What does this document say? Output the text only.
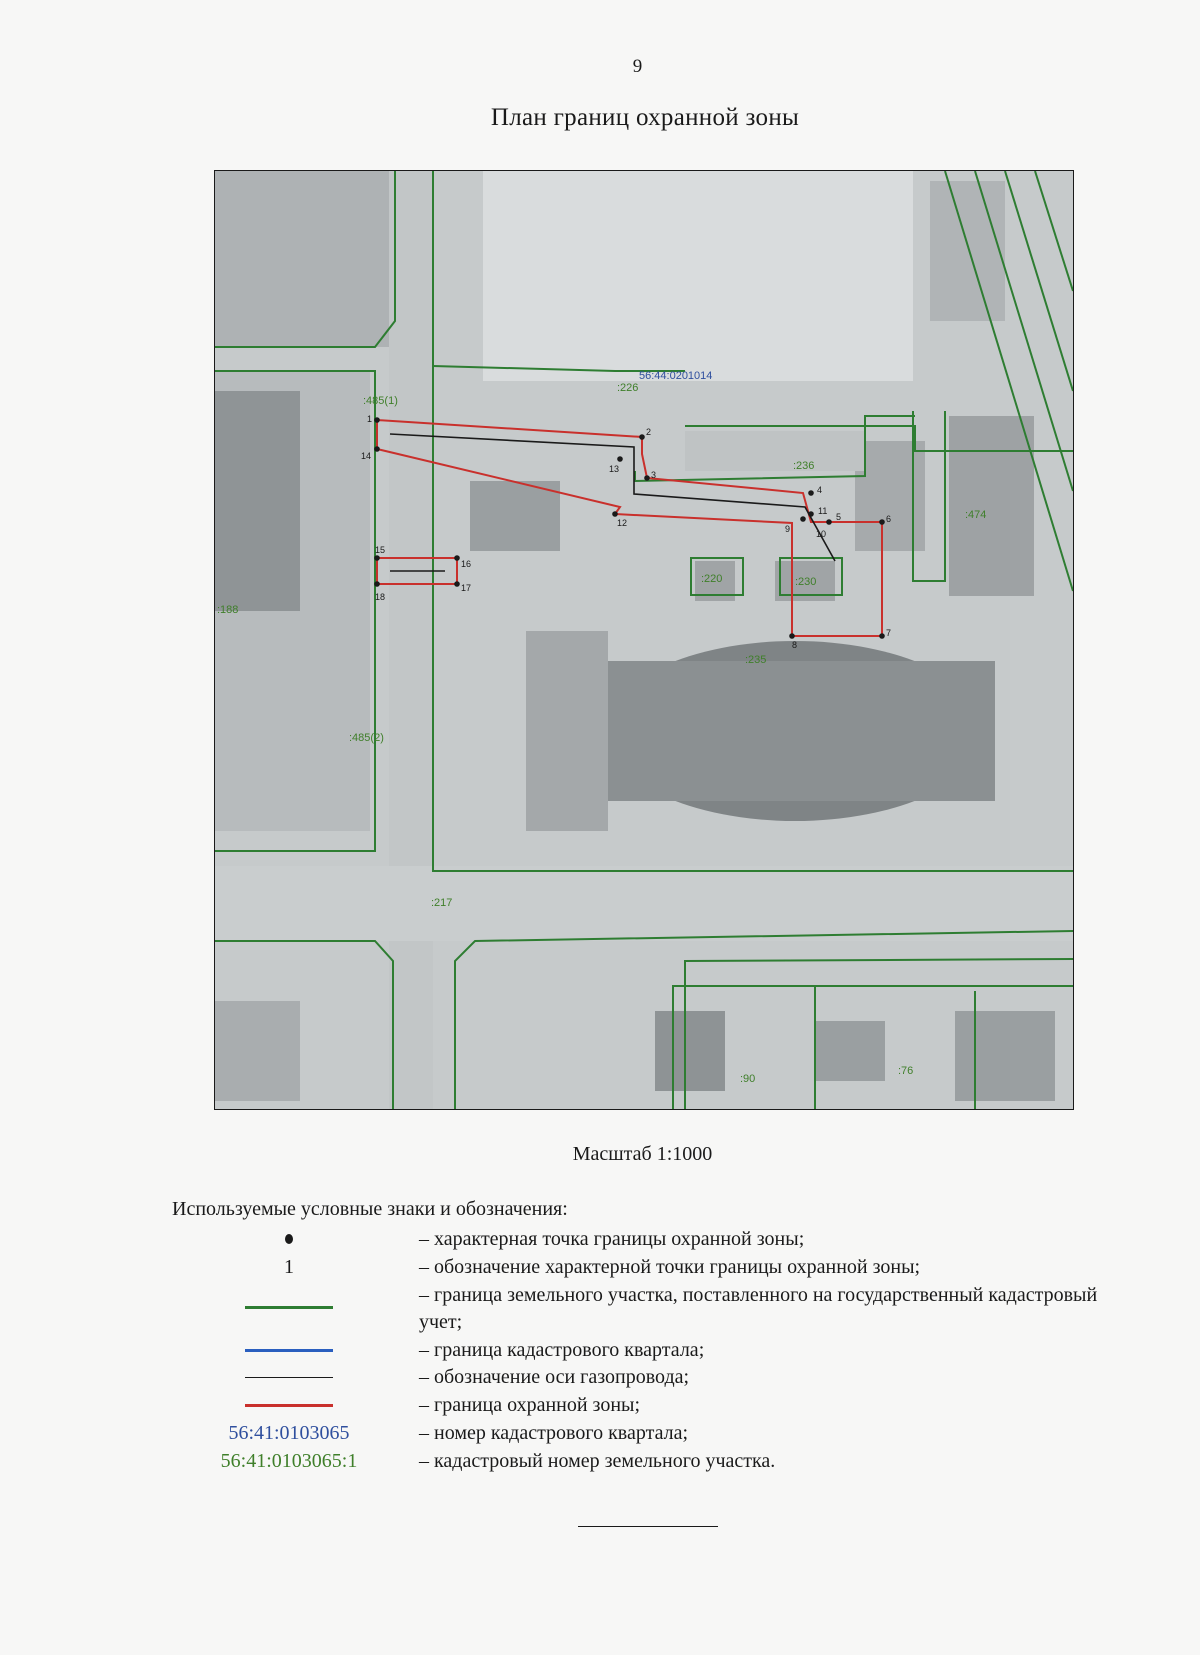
9
План границ охранной зоны
56:44:0201014
:485(1)
:226
:236
:474
:220	:230
:235
:188
:485(2)
:217
:90
:76
1
2
3
4
5	6
7
8
9	10
11
12
13
14
15
16
17
18
Масштаб 1:1000
Используемые условные знаки и обозначения:
– характерная точка границы охранной зоны;
1	– обозначение характерной точки границы охранной зоны;
– граница земельного участка, поставленного на государственный кадастровый учет;
– граница кадастрового квартала;
– обозначение оси газопровода;
– граница охранной зоны;
56:41:0103065	– номер кадастрового квартала;
56:41:0103065:1	– кадастровый номер земельного участка.
